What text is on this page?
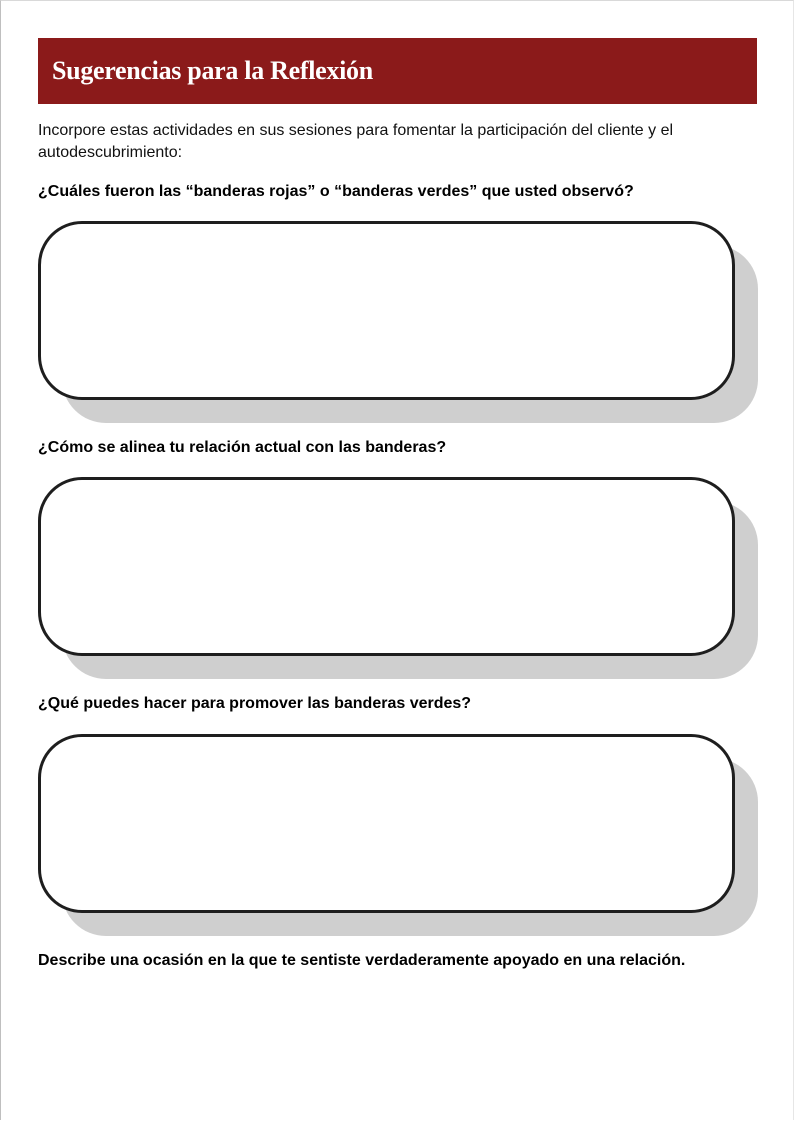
Sugerencias para la Reflexión
Incorpore estas actividades en sus sesiones para fomentar la participación del cliente y el autodescubrimiento:
¿Cuáles fueron las “banderas rojas” o “banderas verdes” que usted observó?
¿Cómo se alinea tu relación actual con las banderas?
¿Qué puedes hacer para promover las banderas verdes?
Describe una ocasión en la que te sentiste verdaderamente apoyado en una relación.
